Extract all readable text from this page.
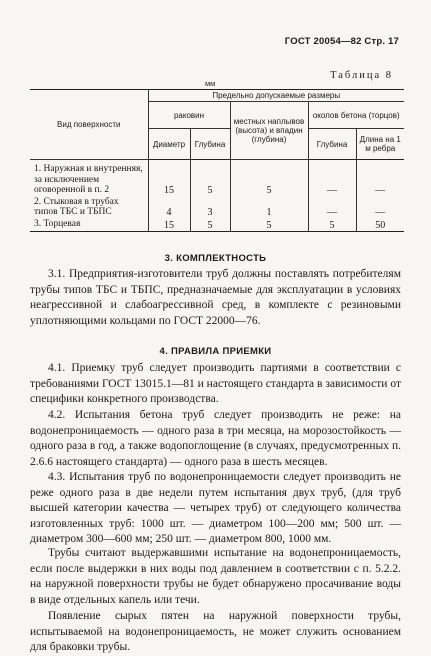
ГОСТ 20054—82 Стр. 17
Таблица 8
мм
Вид поверхности	Предельно допускаемые размеры				
	раковин		местных наплывов (высота) и впадин (глубина)	околов бетона (торцов)	
	Диаметр	Глубина		Глубина	Длина на 1 м ребра
1. Наружная и внутренняя, за исключением оговоренной в п. 2	15	5	5	—	—
2. Стыковая в трубах типов ТБС и ТБПС	4	3	1	—	—
3. Торцевая	15	5	5	5	50
3. КОМПЛЕКТНОСТЬ
3.1. Предприятия-изготовители труб должны поставлять потребителям трубы типов ТБС и ТБПС, предназначаемые для эксплуатации в условиях неагрессивной и слабоагрессивной сред, в комплекте с резиновыми уплотняющими кольцами по ГОСТ 22000—76.
4. ПРАВИЛА ПРИЕМКИ
4.1. Приемку труб следует производить партиями в соответствии с требованиями ГОСТ 13015.1—81 и настоящего стандарта в зависимости от специфики конкретного производства.
4.2. Испытания бетона труб следует производить не реже: на водонепроницаемость — одного раза в три месяца, на морозостойкость — одного раза в год, а также водопоглощение (в случаях, предусмотренных п. 2.6.6 настоящего стандарта) — одного раза в шесть месяцев.
4.3. Испытания труб по водонепроницаемости следует производить не реже одного раза в две недели путем испытания двух труб, (для труб высшей категории качества — четырех труб) от следующего количества изготовленных труб: 1000 шт. — диаметром 100—200 мм; 500 шт. — диаметром 300—600 мм; 250 шт. — диаметром 800, 1000 мм.
Трубы считают выдержавшими испытание на водонепроницаемость, если после выдержки в них воды под давлением в соответствии с п. 5.2.2. на наружной поверхности трубы не будет обнаружено просачивание воды в виде отдельных капель или течи.
Появление сырых пятен на наружной поверхности трубы, испытываемой на водонепроницаемость, не может служить основанием для браковки трубы.
